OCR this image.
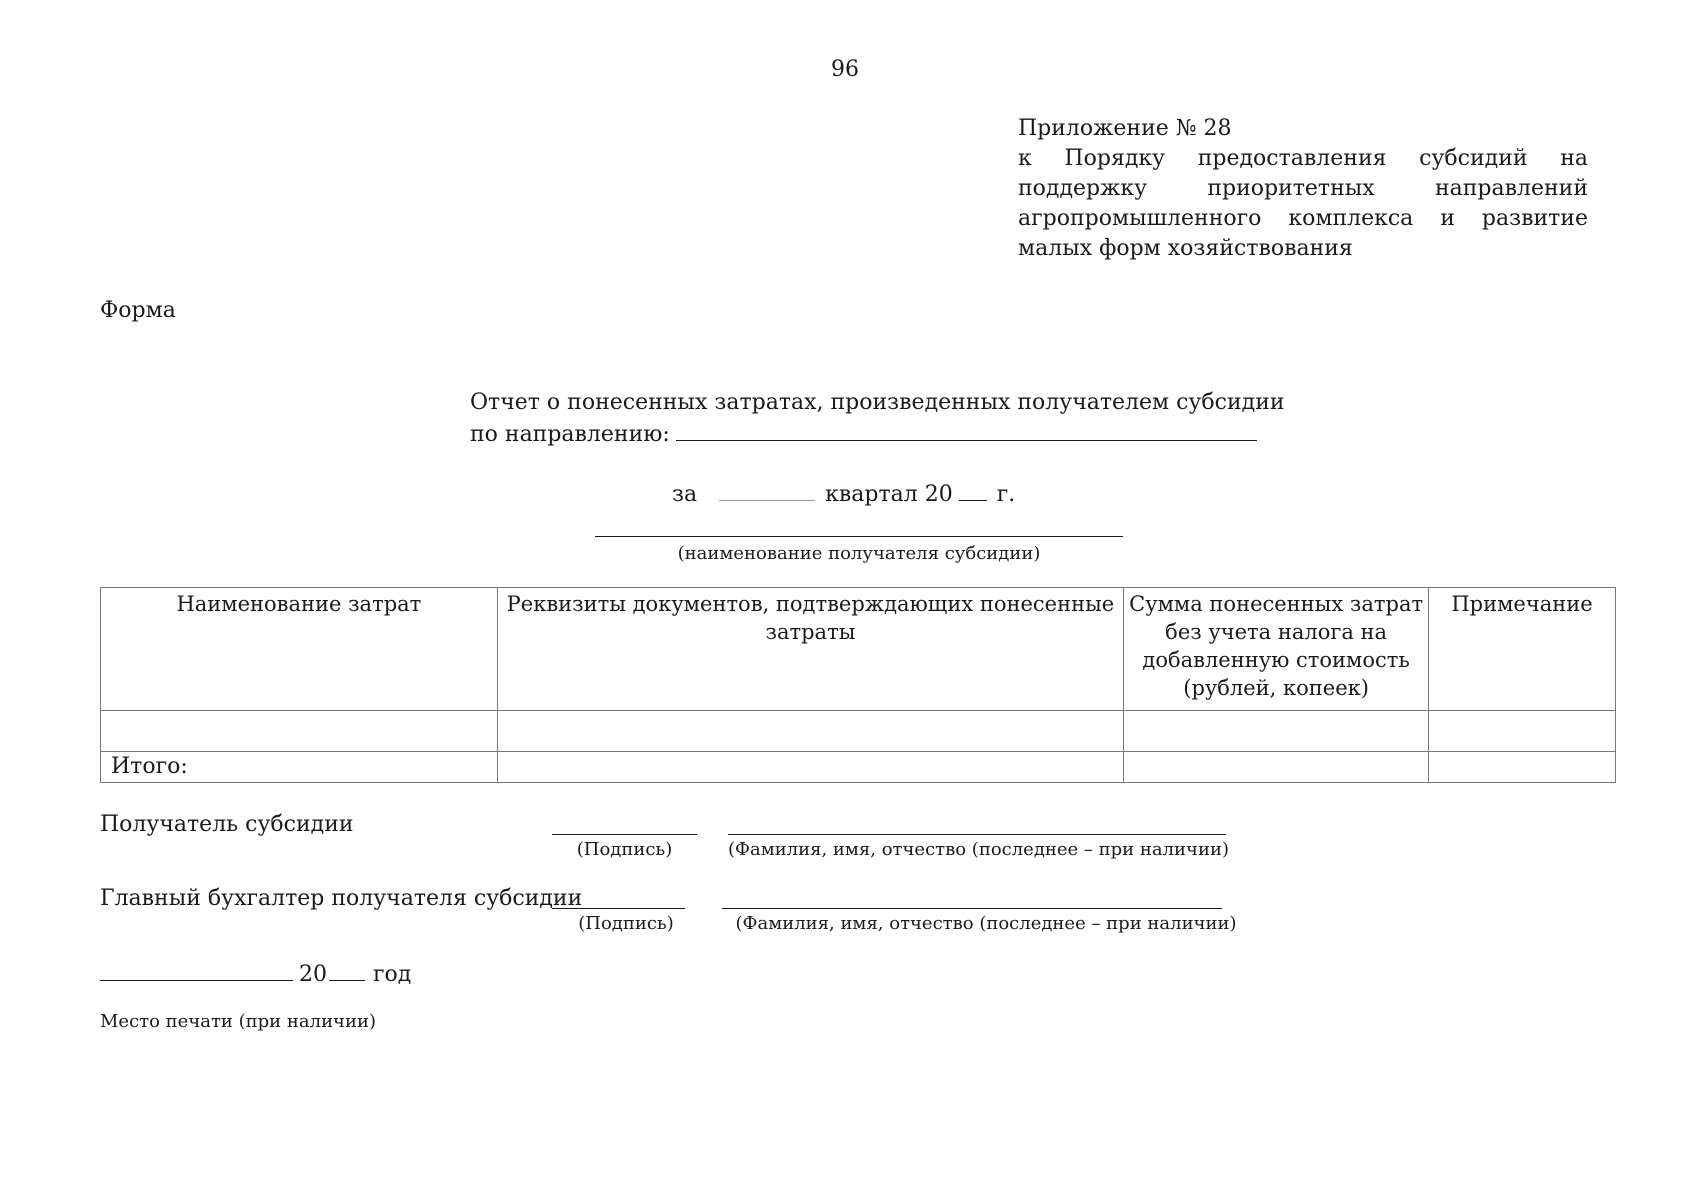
96
Приложение № 28
к Порядку предоставления субсидий на поддержку приоритетных направлений агропромышленного комплекса и развитие малых форм хозяйствования
Форма
Отчет о понесенных затратах, произведенных получателем субсидии
по направлению:
за	квартал 20 г.
(наименование получателя субсидии)
Наименование затрат	Реквизиты документов, подтверждающих понесенные затраты	Сумма понесенных затрат без учета налога на добавленную стоимость (рублей, копеек)	Примечание

Итого:			
Получатель субсидии
(Подпись)	(Фамилия, имя, отчество (последнее – при наличии)
Главный бухгалтер получателя субсидии
(Подпись)	(Фамилия, имя, отчество (последнее – при наличии)
20 год
Место печати (при наличии)
